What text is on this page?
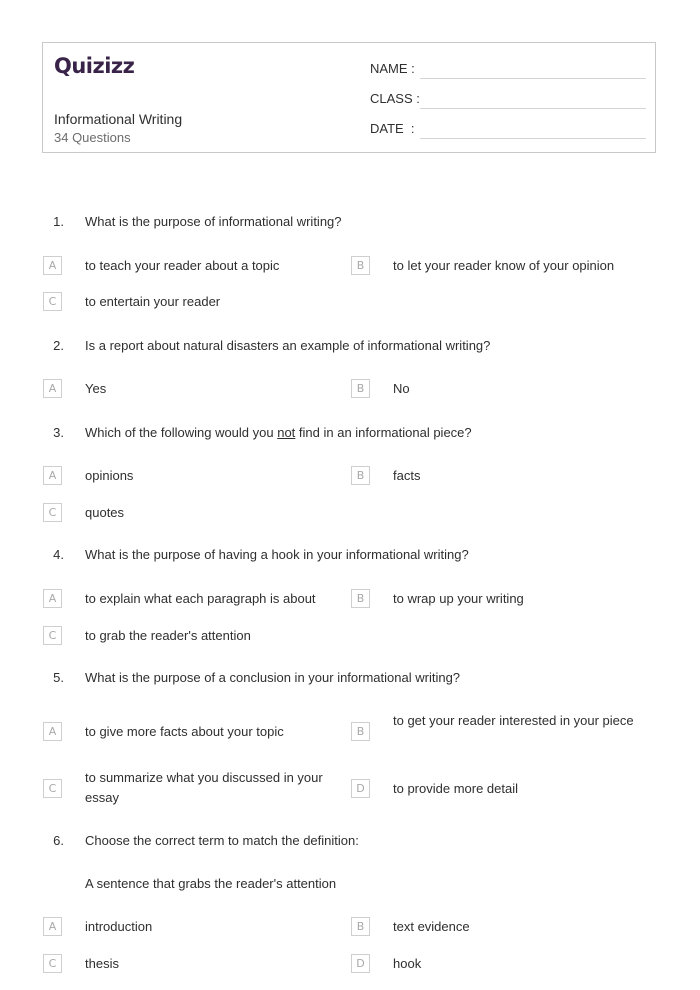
Quizizz
Informational Writing
34 Questions
NAME :
CLASS :
DATE  :
1. What is the purpose of informational writing?
A	to teach your reader about a topic	B	to let your reader know of your opinion
C	to entertain your reader
2. Is a report about natural disasters an example of informational writing?
A	Yes	B	No
3. Which of the following would you not find in an informational piece?
A	opinions	B	facts
C	quotes
4. What is the purpose of having a hook in your informational writing?
A	to explain what each paragraph is about	B	to wrap up your writing
C	to grab the reader's attention
5. What is the purpose of a conclusion in your informational writing?
A	to give more facts about your topic	B
to get your reader interested in your piece
C
to summarize what you discussed in your essay
D	to provide more detail
6. Choose the correct term to match the definition:
A sentence that grabs the reader's attention
A	introduction	B	text evidence
C	thesis	D	hook
